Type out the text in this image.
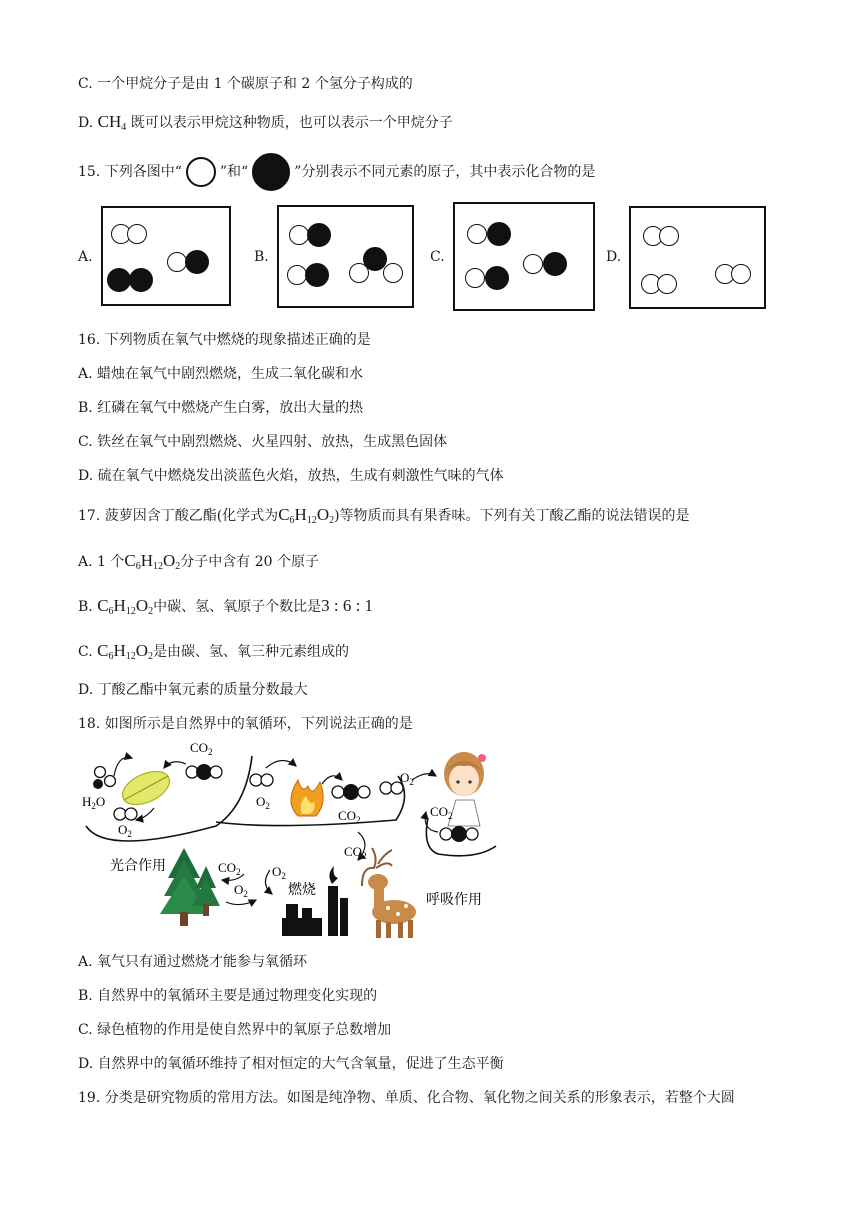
C. 一个甲烷分子是由 1 个碳原子和 2 个氢分子构成的
D. $CH_4$ 既可以表示甲烷这种物质，也可以表示一个甲烷分子
15. 下列各图中“	”和“	”分别表示不同元素的原子，其中表示化合物的是
A.	B.	C.	D.
16. 下列物质在氧气中燃烧的现象描述正确的是
A. 蜡烛在氧气中剧烈燃烧，生成二氧化碳和水
B. 红磷在氧气中燃烧产生白雾，放出大量的热
C. 铁丝在氧气中剧烈燃烧、火星四射、放热，生成黑色固体
D. 硫在氧气中燃烧发出淡蓝色火焰，放热，生成有刺激性气味的气体
17. 菠萝因含丁酸乙酯(化学式为$C_6H_{12}O_2$)等物质而具有果香味。下列有关丁酸乙酯的说法错误的是
A. 1 个$C_6H_{12}O_2$分子中含有 20 个原子
B. $C_6H_{12}O_2$中碳、氢、氧原子个数比是3 : 6 : 1
C. $C_6H_{12}O_2$是由碳、氢、氧三种元素组成的
D. 丁酸乙酯中氧元素的质量分数最大
18. 如图所示是自然界中的氧循环，下列说法正确的是
$H_2O$
$CO_2$
$O_2$
$O_2$
$CO_2$
$O_2$
$CO_2$
光合作用	$CO_2$
$O_2$
$O_2$
燃烧
$CO_2$
呼吸作用
A. 氧气只有通过燃烧才能参与氧循环
B. 自然界中的氧循环主要是通过物理变化实现的
C. 绿色植物的作用是使自然界中的氧原子总数增加
D. 自然界中的氧循环维持了相对恒定的大气含氧量，促进了生态平衡
19. 分类是研究物质的常用方法。如图是纯净物、单质、化合物、氧化物之间关系的形象表示，若整个大圆
